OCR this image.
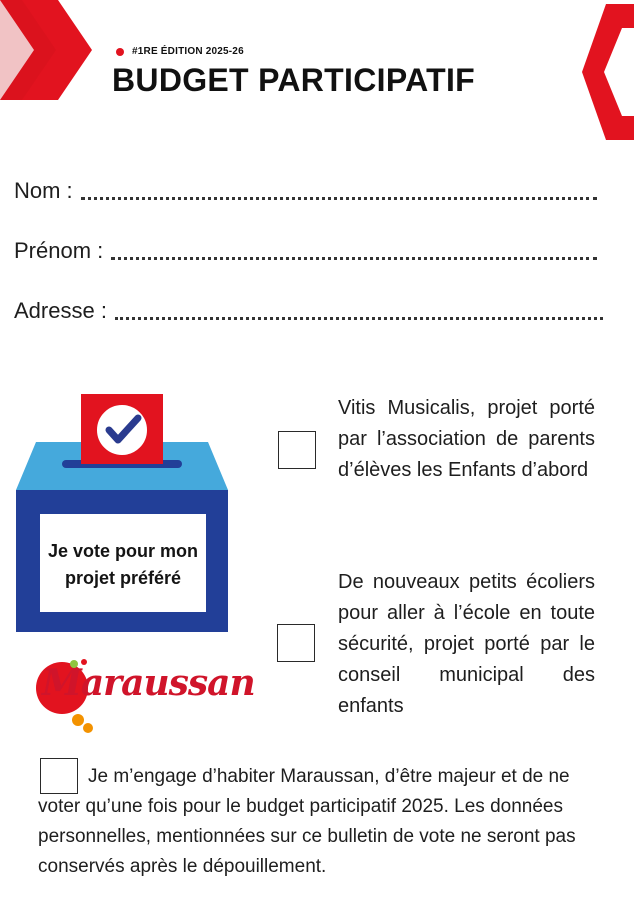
#1RE ÉDITION 2025-26
BUDGET PARTICIPATIF
Nom :
Prénom :
Adresse :
Je vote pour mon projet préféré
Vitis Musicalis, projet porté par l’association de parents d’élèves les Enfants d’abord
De nouveaux petits écoliers pour aller à l’école en toute sécurité, projet porté par le conseil municipal des enfants
Maraussan
Je m’engage d’habiter Maraussan, d’être majeur et de ne voter qu’une fois pour le budget participatif 2025. Les données personnelles, mentionnées sur ce bulletin de vote ne seront pas conservés après le dépouillement.
